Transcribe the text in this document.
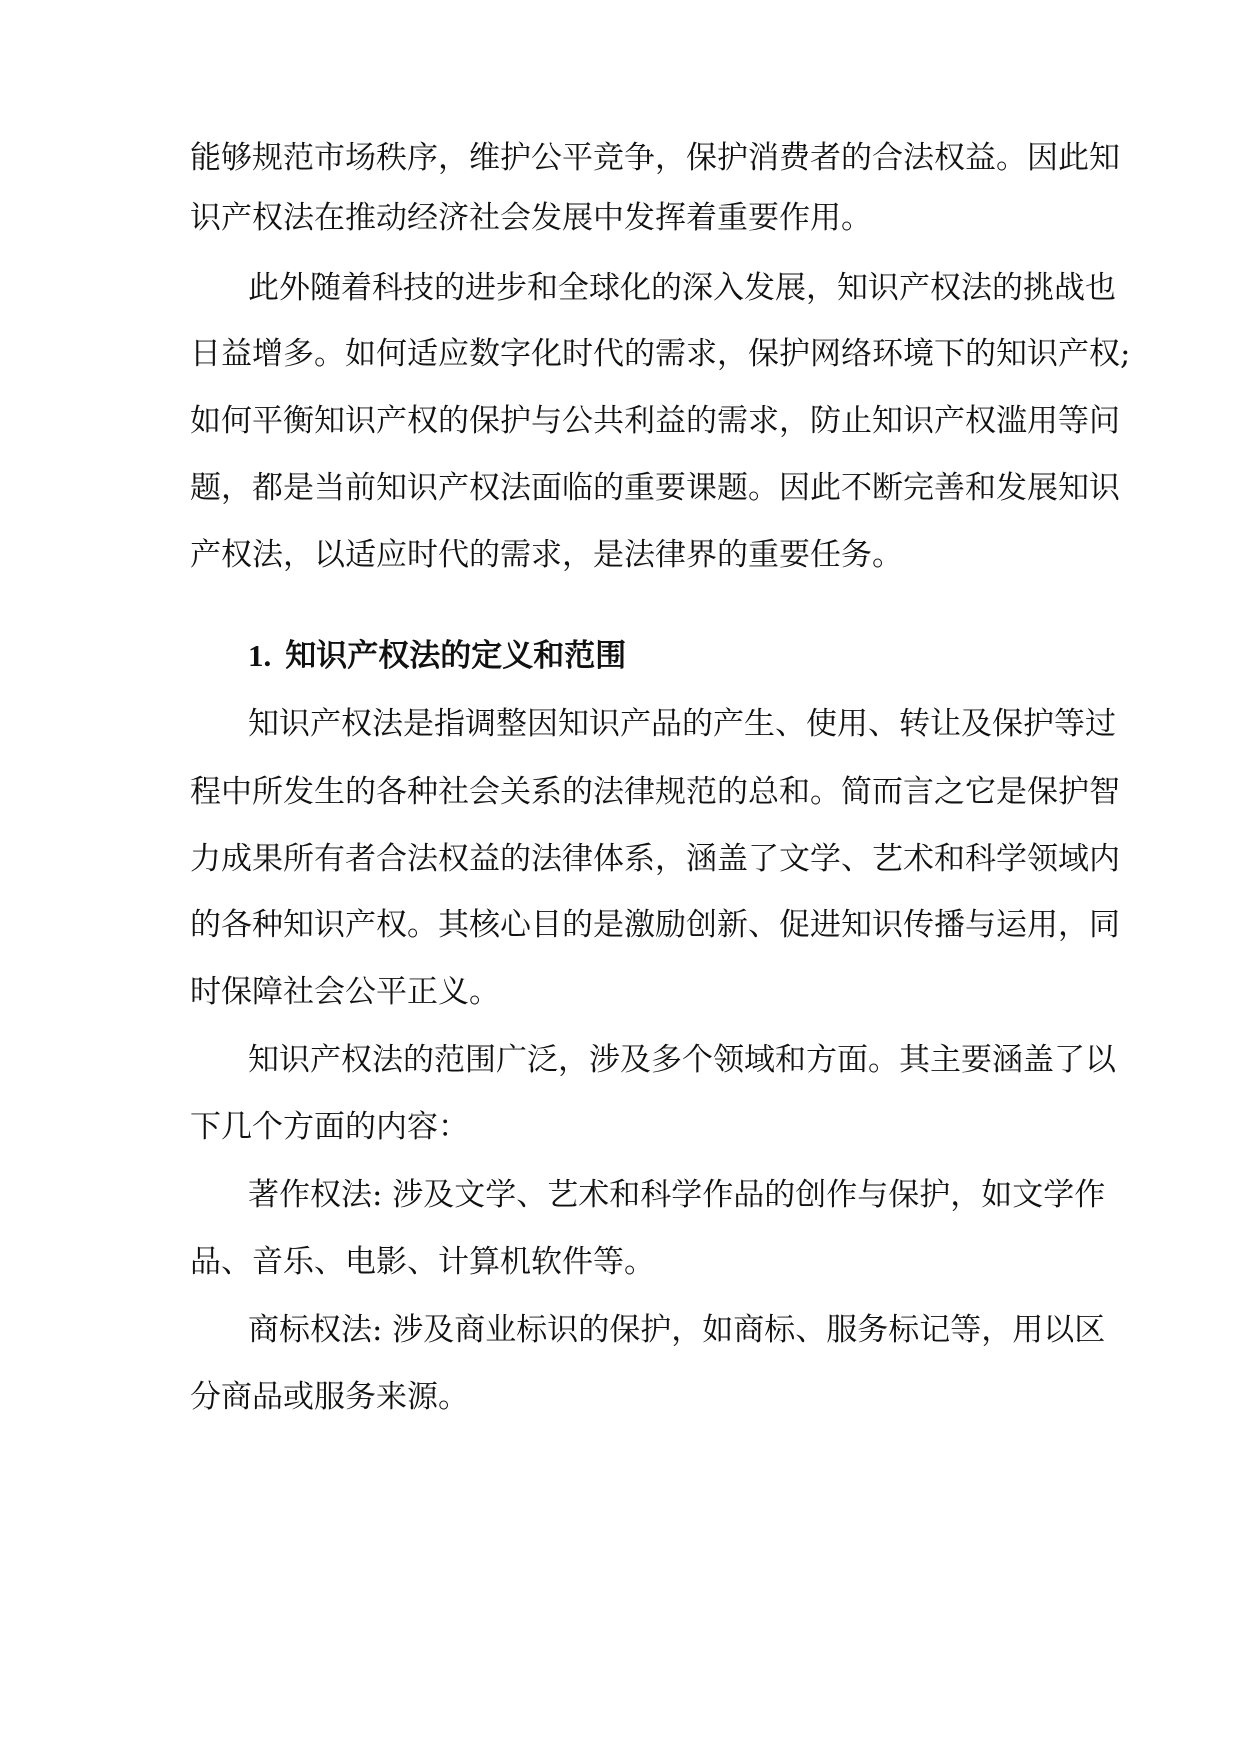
能够规范市场秩序，维护公平竞争，保护消费者的合法权益。因此知
识产权法在推动经济社会发展中发挥着重要作用。
此外随着科技的进步和全球化的深入发展，知识产权法的挑战也
日益增多。如何适应数字化时代的需求，保护网络环境下的知识产权;
如何平衡知识产权的保护与公共利益的需求，防止知识产权滥用等问
题，都是当前知识产权法面临的重要课题。因此不断完善和发展知识
产权法，以适应时代的需求，是法律界的重要任务。
1. 知识产权法的定义和范围
知识产权法是指调整因知识产品的产生、使用、转让及保护等过
程中所发生的各种社会关系的法律规范的总和。简而言之它是保护智
力成果所有者合法权益的法律体系，涵盖了文学、艺术和科学领域内
的各种知识产权。其核心目的是激励创新、促进知识传播与运用，同
时保障社会公平正义。
知识产权法的范围广泛，涉及多个领域和方面。其主要涵盖了以
下几个方面的内容：
著作权法: 涉及文学、艺术和科学作品的创作与保护，如文学作
品、音乐、电影、计算机软件等。
商标权法: 涉及商业标识的保护，如商标、服务标记等，用以区
分商品或服务来源。
